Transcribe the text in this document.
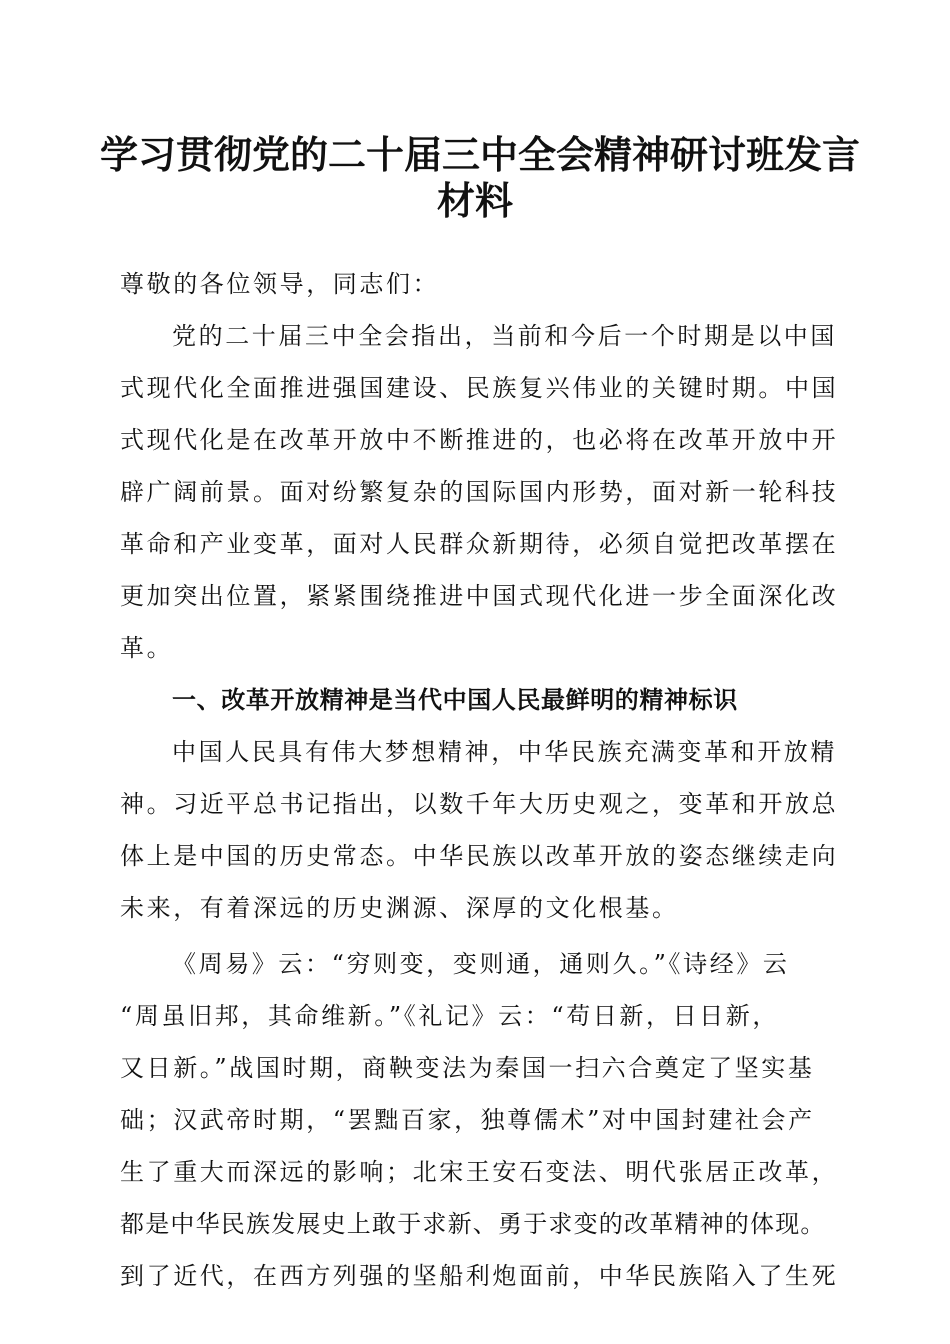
学习贯彻党的二十届三中全会精神研讨班发言
材料
尊敬的各位领导，同志们：
党的二十届三中全会指出，当前和今后一个时期是以中国
式现代化全面推进强国建设、民族复兴伟业的关键时期。中国
式现代化是在改革开放中不断推进的，也必将在改革开放中开
辟广阔前景。面对纷繁复杂的国际国内形势，面对新一轮科技
革命和产业变革，面对人民群众新期待，必须自觉把改革摆在
更加突出位置，紧紧围绕推进中国式现代化进一步全面深化改
革。
一、改革开放精神是当代中国人民最鲜明的精神标识
中国人民具有伟大梦想精神，中华民族充满变革和开放精
神。习近平总书记指出，以数千年大历史观之，变革和开放总
体上是中国的历史常态。中华民族以改革开放的姿态继续走向
未来，有着深远的历史渊源、深厚的文化根基。
《周易》云：“穷则变，变则通，通则久。”《诗经》云
“周虽旧邦，其命维新。”《礼记》云：“苟日新，日日新，
又日新。”战国时期，商鞅变法为秦国一扫六合奠定了坚实基
础；汉武帝时期，“罢黜百家，独尊儒术”对中国封建社会产
生了重大而深远的影响；北宋王安石变法、明代张居正改革，
都是中华民族发展史上敢于求新、勇于求变的改革精神的体现。
到了近代，在西方列强的坚船利炮面前，中华民族陷入了生死
